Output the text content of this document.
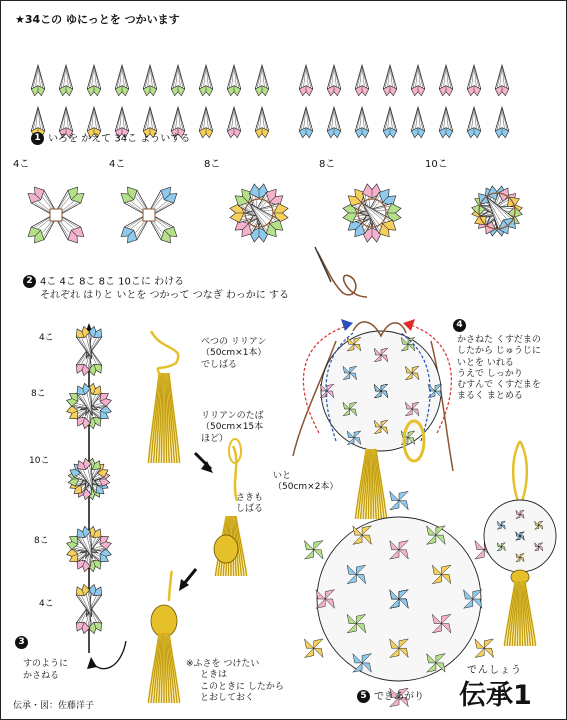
★34この ゆにっとを つかいます

1 いろを かえて 34こ よういする

4こ	4こ	8こ	8こ	10こ

2 4こ 4こ 8こ 8こ 10こに わける

それぞれ はりと いとを つかって つなぎ わっかに する

4こ

8こ

10こ

8こ

4こ

3

すのように

かさねる

べつの リリアン
（50cm×1本）
でしばる
リリアンのたば
（50cm×15本
ほど）
さきも
しばる
※ふさを つけたい
ときは
このときに したから
とおしておく

4

かさねた くすだまの
したから じゅうじに
いとを いれる
うえで しっかり
むすんで くすだまを
まるく まとめる
いと
（50cm×2本）

5 できあがり

伝承・図：佐藤洋子

でんしょう

伝承1
